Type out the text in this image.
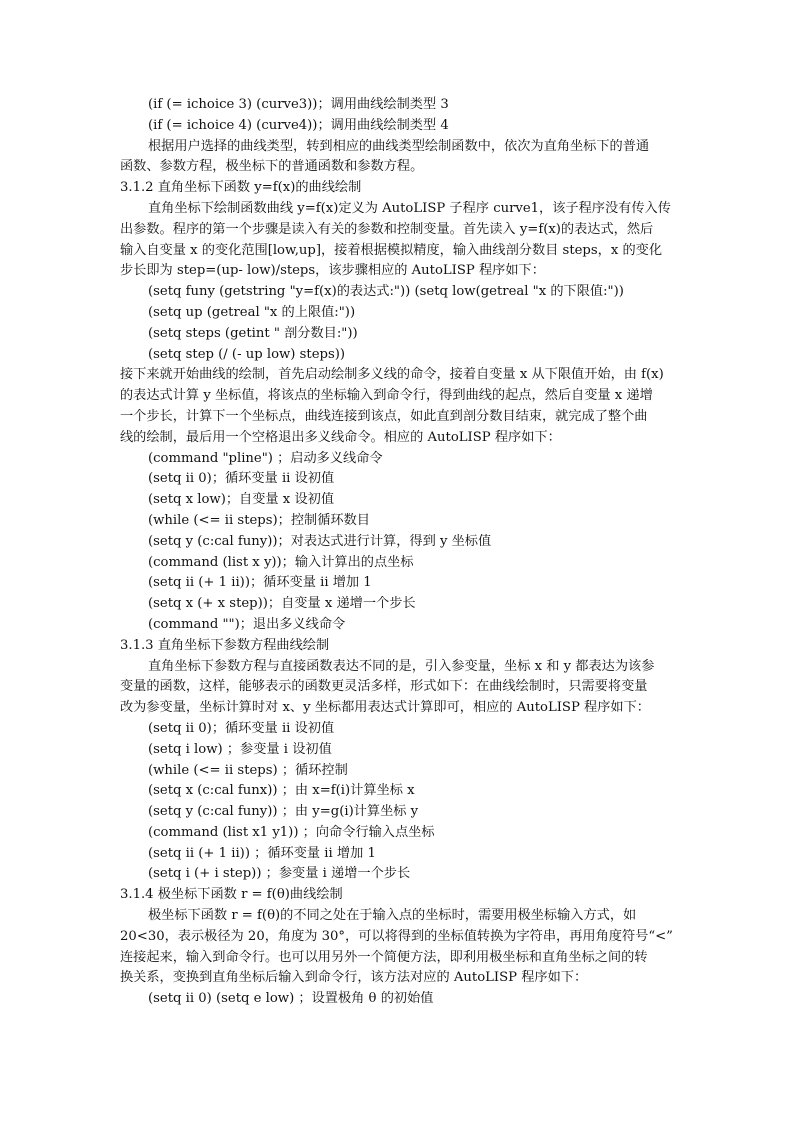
(if (= ichoice 3) (curve3))；调用曲线绘制类型 3
(if (= ichoice 4) (curve4))；调用曲线绘制类型 4
根据用户选择的曲线类型，转到相应的曲线类型绘制函数中，依次为直角坐标下的普通
函数、参数方程，极坐标下的普通函数和参数方程。
3.1.2 直角坐标下函数 y=f(x)的曲线绘制
直角坐标下绘制函数曲线 y=f(x)定义为 AutoLISP 子程序 curve1，该子程序没有传入传
出参数。程序的第一个步骤是读入有关的参数和控制变量。首先读入 y=f(x)的表达式，然后
输入自变量 x 的变化范围[low,up]，接着根据模拟精度，输入曲线剖分数目 steps，x 的变化
步长即为 step=(up- low)/steps，该步骤相应的 AutoLISP 程序如下：
(setq funy (getstring "y=f(x)的表达式:")) (setq low(getreal "x 的下限值:"))
(setq up (getreal "x 的上限值:"))
(setq steps (getint " 剖分数目:"))
(setq step (/ (- up low) steps))
接下来就开始曲线的绘制，首先启动绘制多义线的命令，接着自变量 x 从下限值开始，由 f(x)
的表达式计算 y 坐标值，将该点的坐标输入到命令行，得到曲线的起点，然后自变量 x 递增
一个步长，计算下一个坐标点，曲线连接到该点，如此直到剖分数目结束，就完成了整个曲
线的绘制，最后用一个空格退出多义线命令。相应的 AutoLISP 程序如下：
(command "pline") ；启动多义线命令
(setq ii 0)；循环变量 ii 设初值
(setq x low)；自变量 x 设初值
(while (<= ii steps)；控制循环数目
(setq y (c:cal funy))；对表达式进行计算，得到 y 坐标值
(command (list x y))；输入计算出的点坐标
(setq ii (+ 1 ii))；循环变量 ii 增加 1
(setq x (+ x step))；自变量 x 递增一个步长
(command "")；退出多义线命令
3.1.3 直角坐标下参数方程曲线绘制
直角坐标下参数方程与直接函数表达不同的是，引入参变量，坐标 x 和 y 都表达为该参
变量的函数，这样，能够表示的函数更灵活多样，形式如下：在曲线绘制时，只需要将变量
改为参变量，坐标计算时对 x、y 坐标都用表达式计算即可，相应的 AutoLISP 程序如下：
(setq ii 0)；循环变量 ii 设初值
(setq i low) ；参变量 i 设初值
(while (<= ii steps) ；循环控制
(setq x (c:cal funx)) ；由 x=f(i)计算坐标 x
(setq y (c:cal funy)) ；由 y=g(i)计算坐标 y
(command (list x1 y1)) ；向命令行输入点坐标
(setq ii (+ 1 ii)) ；循环变量 ii 增加 1
(setq i (+ i step)) ；参变量 i 递增一个步长
3.1.4 极坐标下函数 r = f(θ)曲线绘制
极坐标下函数 r = f(θ)的不同之处在于输入点的坐标时，需要用极坐标输入方式，如
20<30，表示极径为 20，角度为 30°，可以将得到的坐标值转换为字符串，再用角度符号“<”
连接起来，输入到命令行。也可以用另外一个简便方法，即利用极坐标和直角坐标之间的转
换关系，变换到直角坐标后输入到命令行，该方法对应的 AutoLISP 程序如下：
(setq ii 0) (setq e low) ；设置极角 θ 的初始值
